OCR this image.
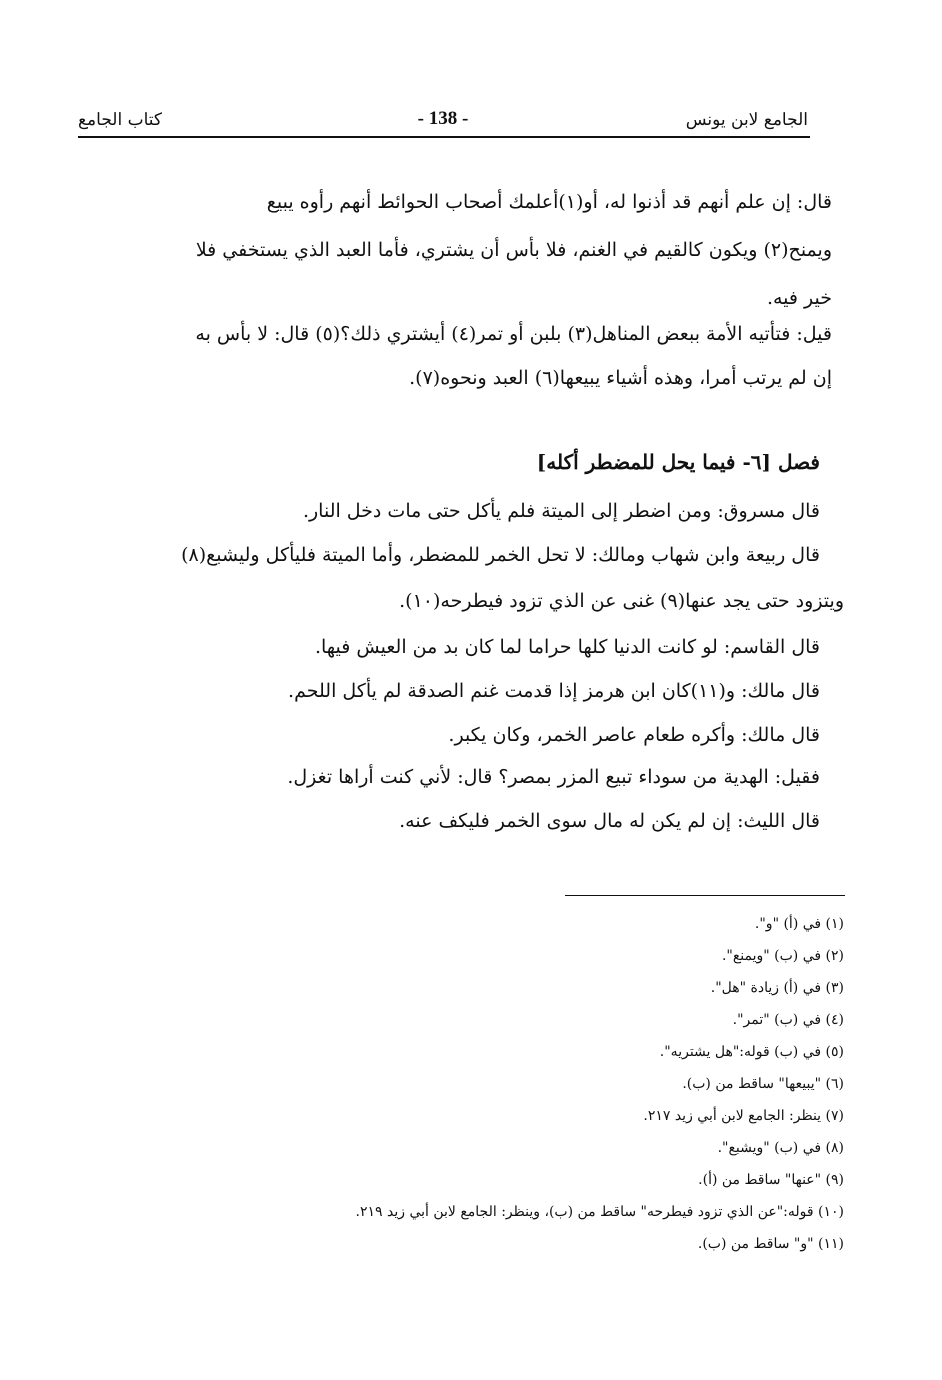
الجامع لابن يونس
- 138 -
كتاب الجامع
قال: إن علم أنهم قد أذنوا له، أو(١)أعلمك أصحاب الحوائط أنهم رأوه يبيع
ويمنح(٢) ويكون كالقيم في الغنم، فلا بأس أن يشتري، فأما العبد الذي يستخفي فلا
خير فيه.
قيل: فتأتيه الأمة ببعض المناهل(٣) بلبن أو تمر(٤) أيشتري ذلك؟(٥) قال: لا بأس به
إن لم يرتب أمرا، وهذه أشياء يبيعها(٦) العبد ونحوه(٧).
فصل [٦- فيما يحل للمضطر أكله]
قال مسروق: ومن اضطر إلى الميتة فلم يأكل حتى مات دخل النار.
قال ربيعة وابن شهاب ومالك: لا تحل الخمر للمضطر، وأما الميتة فليأكل وليشبع(٨)
ويتزود حتى يجد عنها(٩) غنى عن الذي تزود فيطرحه(١٠).
قال القاسم: لو كانت الدنيا كلها حراما لما كان بد من العيش فيها.
قال مالك: و(١١)كان ابن هرمز إذا قدمت غنم الصدقة لم يأكل اللحم.
قال مالك: وأكره طعام عاصر الخمر، وكان يكبر.
فقيل: الهدية من سوداء تبيع المزر بمصر؟ قال: لأني كنت أراها تغزل.
قال الليث: إن لم يكن له مال سوى الخمر فليكف عنه.
(١) في (أ) "و".
(٢) في (ب) "ويمنع".
(٣) في (أ) زيادة "هل".
(٤) في (ب) "تمر".
(٥) في (ب) قوله:"هل يشتريه".
(٦) "يبيعها" ساقط من (ب).
(٧) ينظر: الجامع لابن أبي زيد ٢١٧.
(٨) في (ب) "ويشبع".
(٩) "عنها" ساقط من (أ).
(١٠) قوله:"عن الذي تزود فيطرحه" ساقط من (ب)، وينظر: الجامع لابن أبي زيد ٢١٩.
(١١) "و" ساقط من (ب).
